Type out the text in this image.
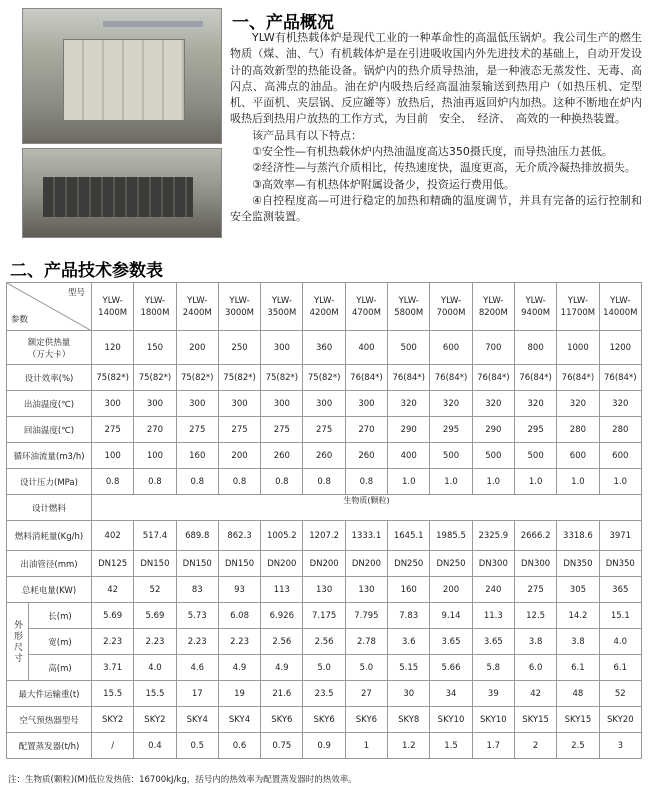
一、产品概况

YLW有机热载体炉是现代工业的一种革命性的高温低压锅炉。我公司生产的燃生物质（煤、油、气）有机载体炉是在引进吸收国内外先进技术的基础上，自动开发设计的高效新型的热能设备。锅炉内的热介质导热油，是一种液态无蒸发性、无毒、高闪点、高沸点的油品。油在炉内吸热后经高温油泵输送到热用户（如热压机、定型机、平面机、夹层锅、反应罐等）放热后，热油再返回炉内加热。这种不断地在炉内吸热后到热用户放热的工作方式，为目前　安全、　经济、　高效的一种换热装置。

该产品具有以下特点：

①安全性—有机热载休炉内热油温度高达350摄氏度，而导热油压力甚低。

②经济性—与蒸汽介质相比，传热速度快，温度更高，无介质冷凝热排放损失。

③高效率—有机热体炉附属设备少，投资运行费用低。

④自控程度高—可进行稳定的加热和精确的温度调节，并具有完备的运行控制和安全监测装置。

二、产品技术参数表
型号
参数		YLW-1400M	YLW-1800M	YLW-2400M	YLW-3000M	YLW-3500M	YLW-4200M	YLW-4700M	YLW-5800M	YLW-7000M	YLW-8200M	YLW-9400M	YLW-11700M	YLW-14000M
额定供热量
（万大卡）		120	150	200	250	300	360	400	500	600	700	800	1000	1200
设计效率(%)		75(82*)	75(82*)	75(82*)	75(82*)	75(82*)	75(82*)	76(84*)	76(84*)	76(84*)	76(84*)	76(84*)	76(84*)	76(84*)
出油温度(℃)		300	300	300	300	300	300	300	320	320	320	320	320	320
回油温度(℃)		275	270	275	275	275	275	270	290	295	290	295	280	280
循环油流量(m3/h)		100	100	160	200	260	260	260	400	500	500	500	600	600
设计压力(MPa)		0.8	0.8	0.8	0.8	0.8	0.8	0.8	1.0	1.0	1.0	1.0	1.0	1.0
设计燃料		生物质(颗粒)												
燃料消耗量(Kg/h)		402	517.4	689.8	862.3	1005.2	1207.2	1333.1	1645.1	1985.5	2325.9	2666.2	3318.6	3971
出油管径(mm)		DN125	DN150	DN150	DN150	DN200	DN200	DN200	DN250	DN250	DN300	DN300	DN350	DN350
总耗电量(KW)		42	52	83	93	113	130	130	160	200	240	275	305	365
外形尺寸	长(m)	5.69	5.69	5.73	6.08	6.926	7.175	7.795	7.83	9.14	11.3	12.5	14.2	15.1
	宽(m)	2.23	2.23	2.23	2.23	2.56	2.56	2.78	3.6	3.65	3.65	3.8	3.8	4.0
	高(m)	3.71	4.0	4.6	4.9	4.9	5.0	5.0	5.15	5.66	5.8	6.0	6.1	6.1
最大件运输重(t)		15.5	15.5	17	19	21.6	23.5	27	30	34	39	42	48	52
空气预热器型号		SKY2	SKY2	SKY4	SKY4	SKY6	SKY6	SKY6	SKY8	SKY10	SKY10	SKY15	SKY15	SKY20
配置蒸发器(t/h)		/	0.4	0.5	0.6	0.75	0.9	1	1.2	1.5	1.7	2	2.5	3
注：生物质(颗粒)(M)低位发热值：16700kJ/kg，括号内的热效率为配置蒸发器时的热效率。
